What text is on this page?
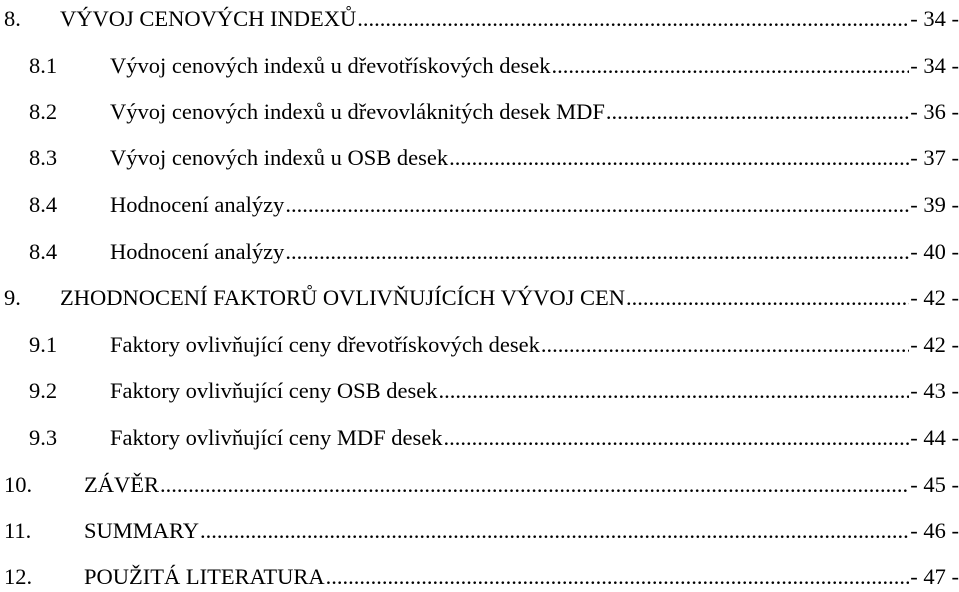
8. VÝVOJ CENOVÝCH INDEXŮ .....	- 34 -
8.1 Vývoj cenových indexů u dřevotřískových desek .....	- 34 -
8.2 Vývoj cenových indexů u dřevovláknitých desek MDF .....	- 36 -
8.3 Vývoj cenových indexů u OSB desek .....	- 37 -
8.4 Hodnocení analýzy .....	- 39 -
8.4 Hodnocení analýzy .....	- 40 -
9. ZHODNOCENÍ FAKTORŮ OVLIVŇUJÍCÍCH VÝVOJ CEN .....	- 42 -
9.1 Faktory ovlivňující ceny dřevotřískových desek .....	- 42 -
9.2 Faktory ovlivňující ceny OSB desek .....	- 43 -
9.3 Faktory ovlivňující ceny MDF desek .....	- 44 -
10. ZÁVĚR .....	- 45 -
11. SUMMARY .....	- 46 -
12. POUŽITÁ LITERATURA .....	- 47 -
